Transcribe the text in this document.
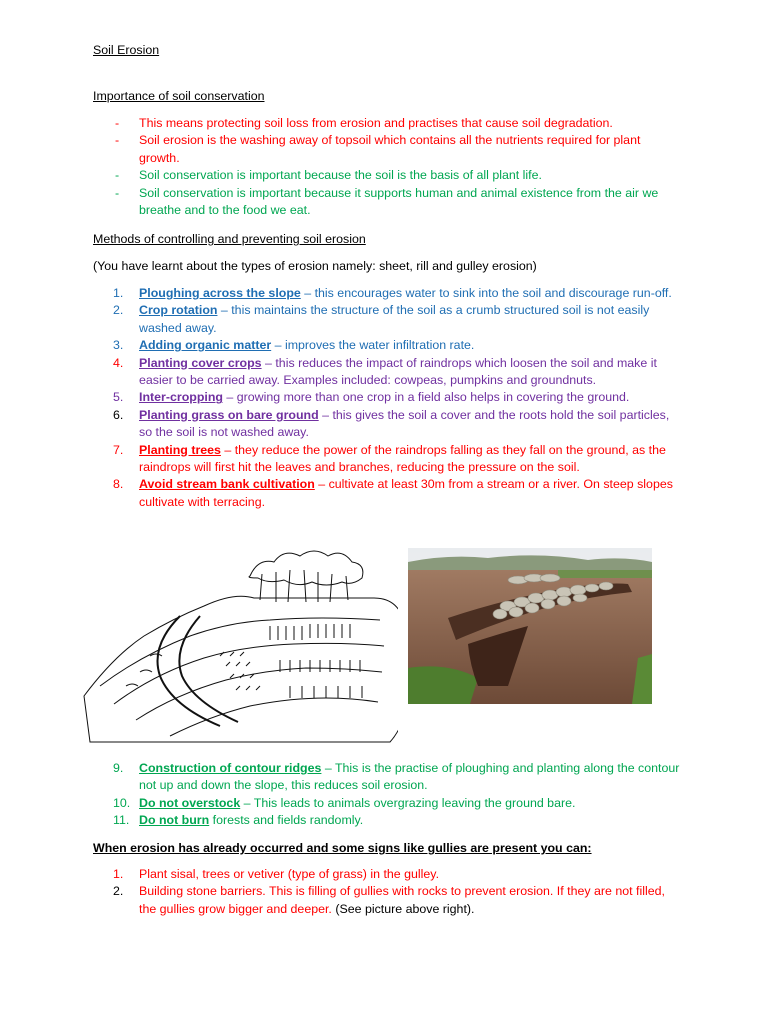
Soil Erosion
Importance of soil conservation
-	This means protecting soil loss from erosion and practises that cause soil degradation.
-	Soil erosion is the washing away of topsoil which contains all the nutrients required for plant growth.
-	Soil conservation is important because the soil is the basis of all plant life.
-	Soil conservation is important because it supports human and animal existence from the air we breathe and to the food we eat.
Methods of controlling and preventing soil erosion
(You have learnt about the types of erosion namely: sheet, rill and gulley erosion)
1.	Ploughing across the slope – this encourages water to sink into the soil and discourage run-off.
2.	Crop rotation – this maintains the structure of the soil as a crumb structured soil is not easily washed away.
3.	Adding organic matter – improves the water infiltration rate.
4.	Planting cover crops – this reduces the impact of raindrops which loosen the soil and make it easier to be carried away. Examples included: cowpeas, pumpkins and groundnuts.
5.	Inter-cropping – growing more than one crop in a field also helps in covering the ground.
6.	Planting grass on bare ground – this gives the soil a cover and the roots hold the soil particles, so the soil is not washed away.
7.	Planting trees – they reduce the power of the raindrops falling as they fall on the ground, as the raindrops will first hit the leaves and branches, reducing the pressure on the soil.
8.	Avoid stream bank cultivation – cultivate at least 30m from a stream or a river. On steep slopes cultivate with terracing.
9.	Construction of contour ridges – This is the practise of ploughing and planting along the contour not up and down the slope, this reduces soil erosion.
10. Do not overstock – This leads to animals overgrazing leaving the ground bare.
11. Do not burn forests and fields randomly.
When erosion has already occurred and some signs like gullies are present you can:
1.	Plant sisal, trees or vetiver (type of grass) in the gulley.
2.	Building stone barriers. This is filling of gullies with rocks to prevent erosion. If they are not filled, the gullies grow bigger and deeper. (See picture above right).
